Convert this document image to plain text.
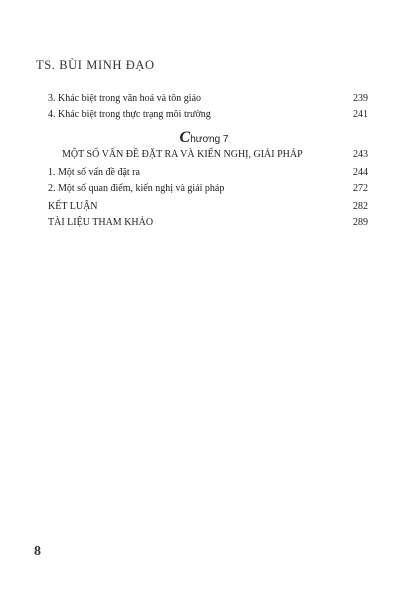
TS. BÙI MINH ĐẠO
3. Khác biệt trong văn hoá và tôn giáo	239
4. Khác biệt trong thực trạng môi trường	241
Chương 7
MỘT SỐ VẤN ĐỀ ĐẶT RA VÀ KIẾN NGHỊ, GIẢI PHÁP	243
1. Một số vấn đề đặt ra	244
2. Một số quan điểm, kiến nghị và giải pháp	272
KẾT LUẬN	282
TÀI LIỆU THAM KHẢO	289
8
